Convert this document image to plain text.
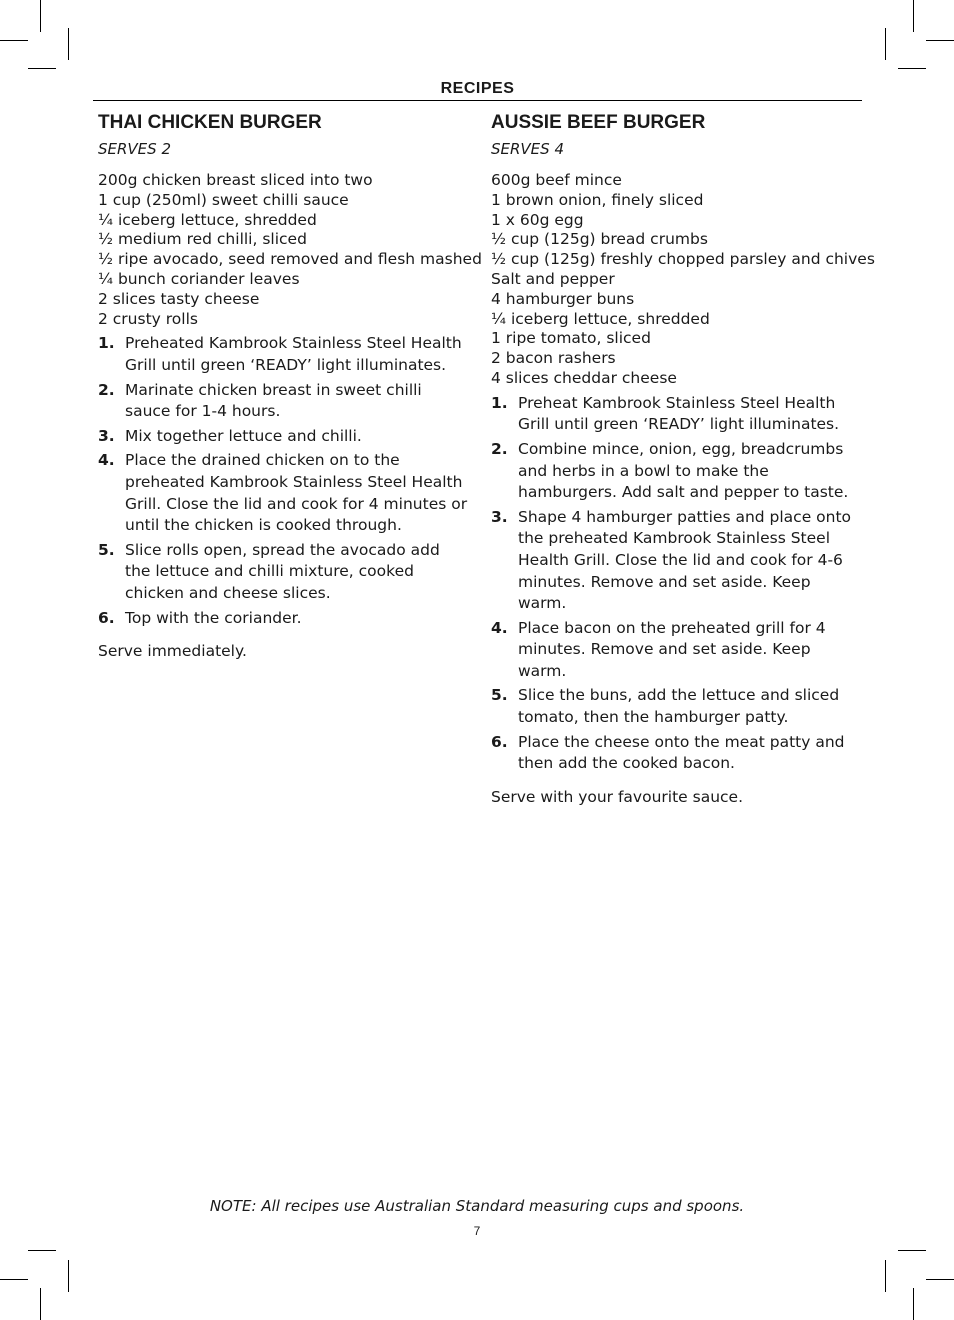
RECIPES
THAI CHICKEN BURGER
SERVES 2
200g chicken breast sliced into two
1 cup (250ml) sweet chilli sauce
¼ iceberg lettuce, shredded
½ medium red chilli, sliced
½ ripe avocado, seed removed and flesh mashed
¼ bunch coriander leaves
2 slices tasty cheese
2 crusty rolls
1. Preheated Kambrook Stainless Steel Health Grill until green ‘READY’ light illuminates.
2. Marinate chicken breast in sweet chilli sauce for 1-4 hours.
3. Mix together lettuce and chilli.
4. Place the drained chicken on to the preheated Kambrook Stainless Steel Health Grill. Close the lid and cook for 4 minutes or until the chicken is cooked through.
5. Slice rolls open, spread the avocado add the lettuce and chilli mixture, cooked chicken and cheese slices.
6. Top with the coriander.
Serve immediately.
AUSSIE BEEF BURGER
SERVES 4
600g beef mince
1 brown onion, finely sliced
1 x 60g egg
½ cup (125g) bread crumbs
½ cup (125g) freshly chopped parsley and chives
Salt and pepper
4 hamburger buns
¼ iceberg lettuce, shredded
1 ripe tomato, sliced
2 bacon rashers
4 slices cheddar cheese
1. Preheat Kambrook Stainless Steel Health Grill until green ‘READY’ light illuminates.
2. Combine mince, onion, egg, breadcrumbs and herbs in a bowl to make the hamburgers. Add salt and pepper to taste.
3. Shape 4 hamburger patties and place onto the preheated Kambrook Stainless Steel Health Grill. Close the lid and cook for 4-6 minutes. Remove and set aside. Keep warm.
4. Place bacon on the preheated grill for 4 minutes. Remove and set aside. Keep warm.
5. Slice the buns, add the lettuce and sliced tomato, then the hamburger patty.
6. Place the cheese onto the meat patty and then add the cooked bacon.
Serve with your favourite sauce.
NOTE: All recipes use Australian Standard measuring cups and spoons.
7
